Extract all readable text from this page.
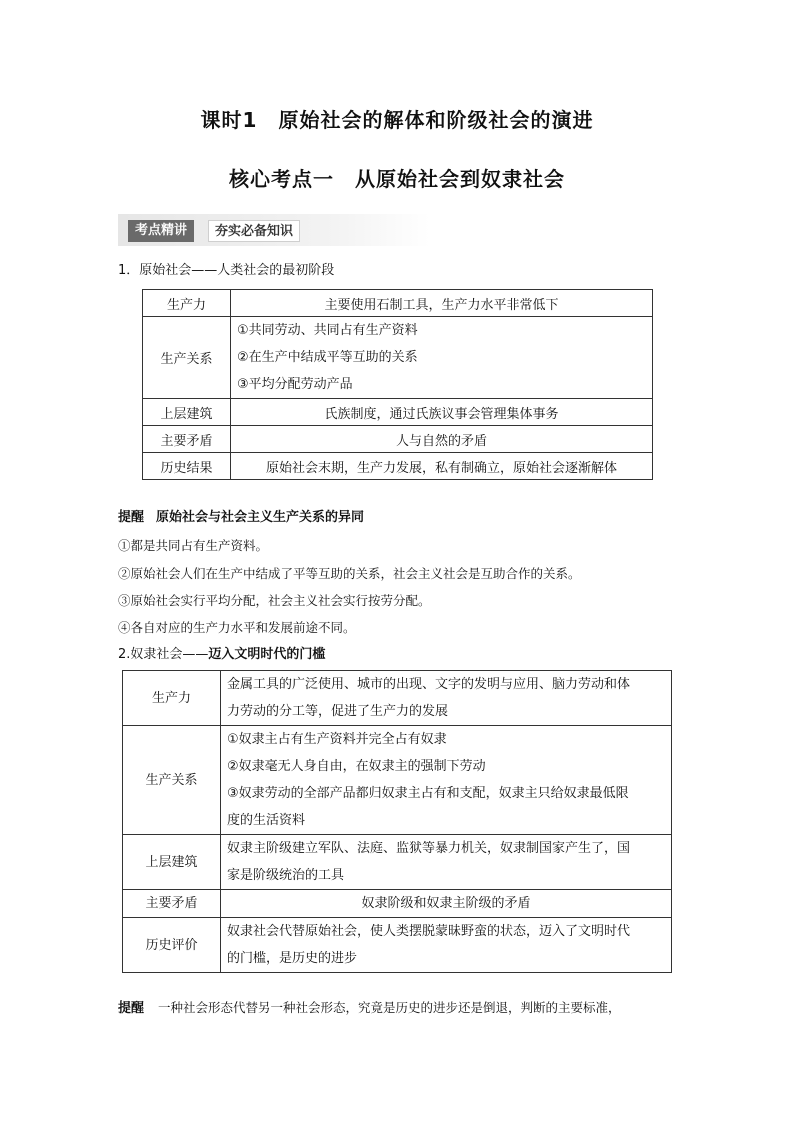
课时1　原始社会的解体和阶级社会的演进
核心考点一　从原始社会到奴隶社会
考点精讲	夯实必备知识
1．原始社会——人类社会的最初阶段
生产力	主要使用石制工具，生产力水平非常低下
生产关系	①共同劳动、共同占有生产资料
②在生产中结成平等互助的关系
③平均分配劳动产品

上层建筑	氏族制度，通过氏族议事会管理集体事务
主要矛盾	人与自然的矛盾
历史结果	原始社会末期，生产力发展，私有制确立，原始社会逐渐解体
提醒 原始社会与社会主义生产关系的异同
①都是共同占有生产资料。
②原始社会人们在生产中结成了平等互助的关系，社会主义社会是互助合作的关系。
③原始社会实行平均分配，社会主义社会实行按劳分配。
④各自对应的生产力水平和发展前途不同。
2.奴隶社会——迈入文明时代的门槛
生产力	金属工具的广泛使用、城市的出现、文字的发明与应用、脑力劳动和体
力劳动的分工等，促进了生产力的发展

生产关系	①奴隶主占有生产资料并完全占有奴隶
②奴隶毫无人身自由，在奴隶主的强制下劳动
③奴隶劳动的全部产品都归奴隶主占有和支配，奴隶主只给奴隶最低限
度的生活资料

上层建筑	奴隶主阶级建立军队、法庭、监狱等暴力机关，奴隶制国家产生了，国
家是阶级统治的工具

主要矛盾	奴隶阶级和奴隶主阶级的矛盾
历史评价	奴隶社会代替原始社会，使人类摆脱蒙昧野蛮的状态，迈入了文明时代
的门槛，是历史的进步
提醒 一种社会形态代替另一种社会形态，究竟是历史的进步还是倒退，判断的主要标准，
